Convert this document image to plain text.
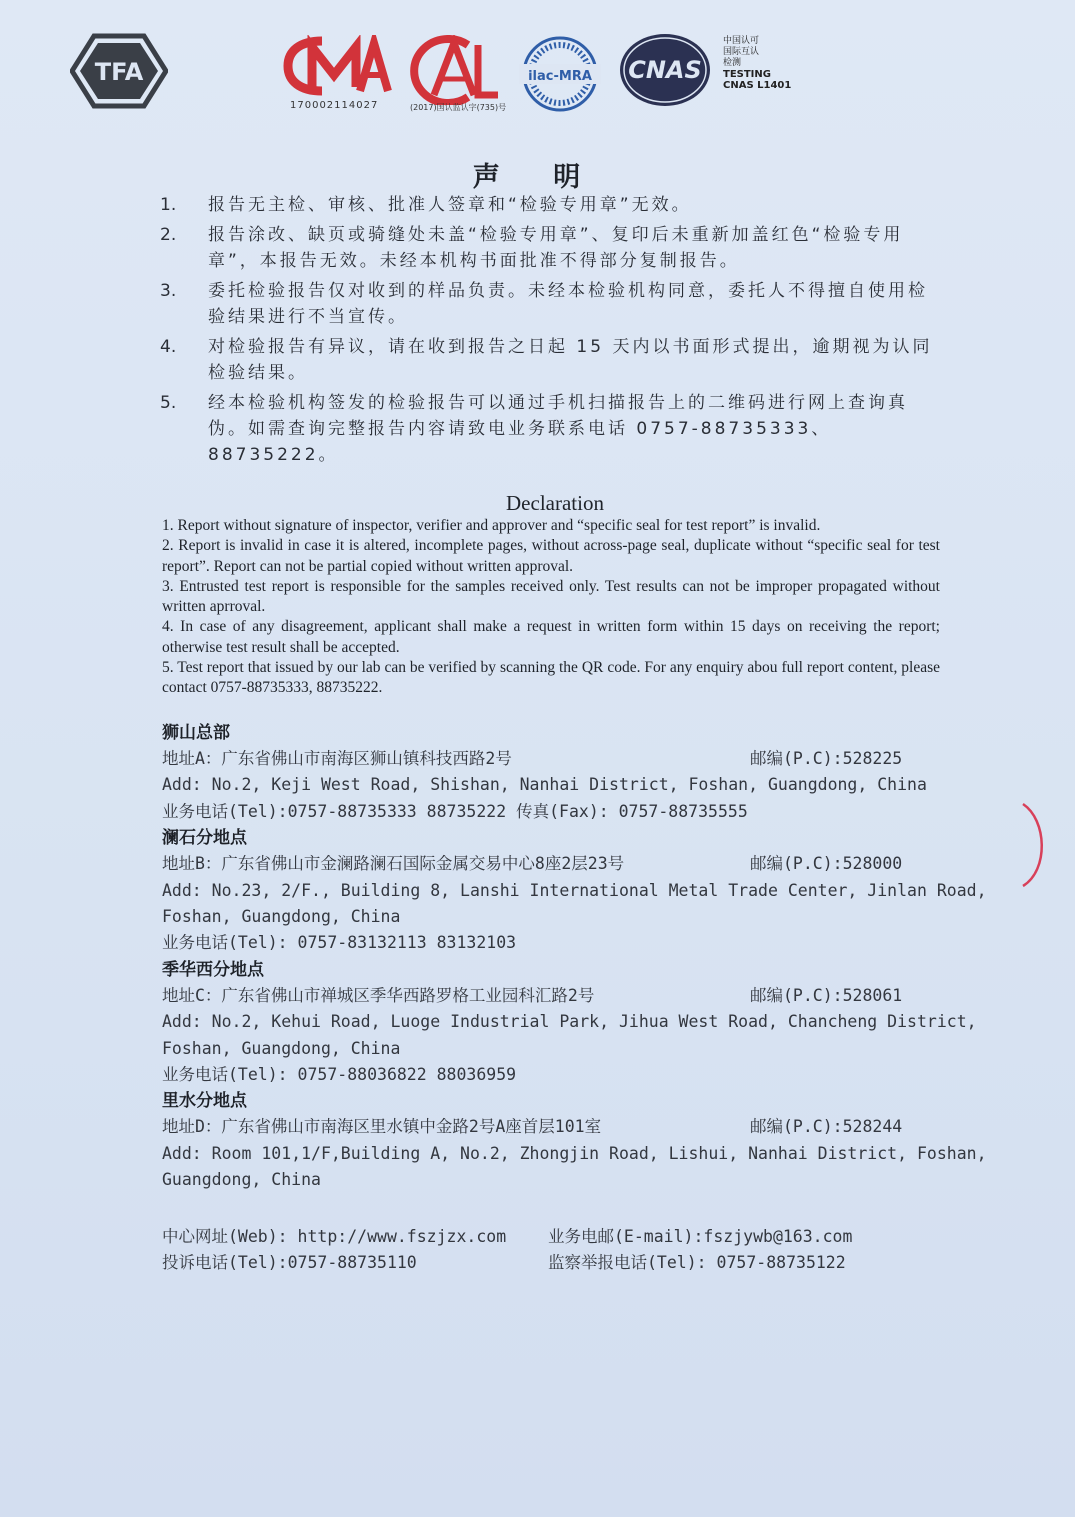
TFA
CMA
170002114027
CAL
(2017)国认监认字(735)号
ilac-MRA CNAS
中国认可
国际互认
检测
TESTING
CNAS L1401
声 明
1. 报告无主检、审核、批准人签章和“检验专用章”无效。
2. 报告涂改、缺页或骑缝处未盖“检验专用章”、复印后未重新加盖红色“检验专用章”，本报告无效。未经本机构书面批准不得部分复制报告。
3. 委托检验报告仅对收到的样品负责。未经本检验机构同意，委托人不得擅自使用检验结果进行不当宣传。
4. 对检验报告有异议，请在收到报告之日起 15 天内以书面形式提出，逾期视为认同检验结果。
5. 经本检验机构签发的检验报告可以通过手机扫描报告上的二维码进行网上查询真伪。如需查询完整报告内容请致电业务联系电话 0757-88735333、88735222。
Declaration

1. Report without signature of inspector, verifier and approver and “specific seal for test report” is invalid.

2. Report is invalid in case it is altered, incomplete pages, without across-page seal, duplicate without “specific seal for test report”. Report can not be partial copied without written approval.

3. Entrusted test report is responsible for the samples received only. Test results can not be improper propagated without written aprroval.

4. In case of any disagreement, applicant shall make a request in written form within 15 days on receiving the report; otherwise test result shall be accepted.

5. Test report that issued by our lab can be verified by scanning the QR code. For any enquiry abou full report content, please contact 0757-88735333, 88735222.

狮山总部
地址A：广东省佛山市南海区狮山镇科技西路2号	邮编(P.C):528225
Add: No.2, Keji West Road, Shishan, Nanhai District, Foshan, Guangdong, China
业务电话(Tel):0757-88735333 88735222 传真(Fax): 0757-88735555
澜石分地点
地址B：广东省佛山市金澜路澜石国际金属交易中心8座2层23号	邮编(P.C):528000
Add: No.23, 2/F., Building 8, Lanshi International Metal Trade Center, Jinlan Road,
Foshan, Guangdong, China
业务电话(Tel): 0757-83132113 83132103
季华西分地点
地址C：广东省佛山市禅城区季华西路罗格工业园科汇路2号	邮编(P.C):528061
Add: No.2, Kehui Road, Luoge Industrial Park, Jihua West Road, Chancheng District,
Foshan, Guangdong, China
业务电话(Tel): 0757-88036822 88036959
里水分地点
地址D：广东省佛山市南海区里水镇中金路2号A座首层101室	邮编(P.C):528244
Add: Room 101,1/F,Building A, No.2, Zhongjin Road, Lishui, Nanhai District, Foshan,
Guangdong, China
中心网址(Web): http://www.fszjzx.com	业务电邮(E-mail):fszjywb@163.com
投诉电话(Tel):0757-88735110	监察举报电话(Tel): 0757-88735122
